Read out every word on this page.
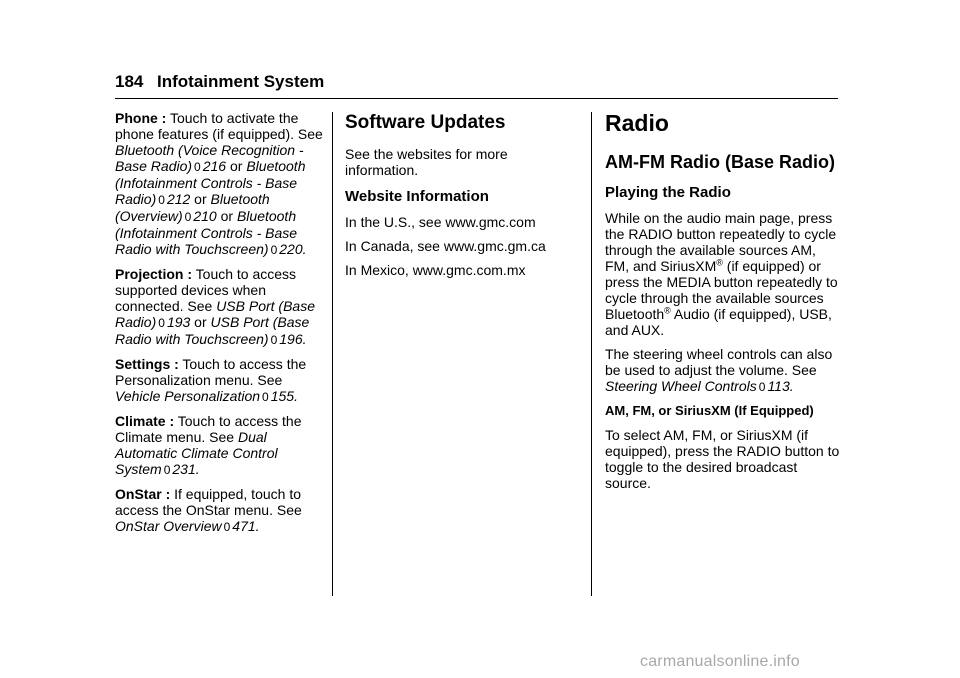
184 Infotainment System

Phone : Touch to activate the phone features (if equipped). See Bluetooth (Voice Recognition - Base Radio) 0 216 or Bluetooth (Infotainment Controls - Base Radio) 0 212 or Bluetooth (Overview) 0 210 or Bluetooth (Infotainment Controls - Base Radio with Touchscreen) 0 220.

Projection : Touch to access supported devices when connected. See USB Port (Base Radio) 0 193 or USB Port (Base Radio with Touchscreen) 0 196.

Settings : Touch to access the Personalization menu. See Vehicle Personalization 0 155.

Climate : Touch to access the Climate menu. See Dual Automatic Climate Control System 0 231.

OnStar : If equipped, touch to access the OnStar menu. See OnStar Overview 0 471.

Software Updates

See the websites for more information.

Website Information

In the U.S., see www.gmc.com

In Canada, see www.gmc.gm.ca

In Mexico, www.gmc.com.mx

Radio
AM-FM Radio (Base Radio)
Playing the Radio

While on the audio main page, press the RADIO button repeatedly to cycle through the available sources AM, FM, and SiriusXM® (if equipped) or press the MEDIA button repeatedly to cycle through the available sources Bluetooth® Audio (if equipped), USB, and AUX.

The steering wheel controls can also be used to adjust the volume. See Steering Wheel Controls 0 113.

AM, FM, or SiriusXM (If Equipped)

To select AM, FM, or SiriusXM (if equipped), press the RADIO button to toggle to the desired broadcast source.

carmanualsonline.info
